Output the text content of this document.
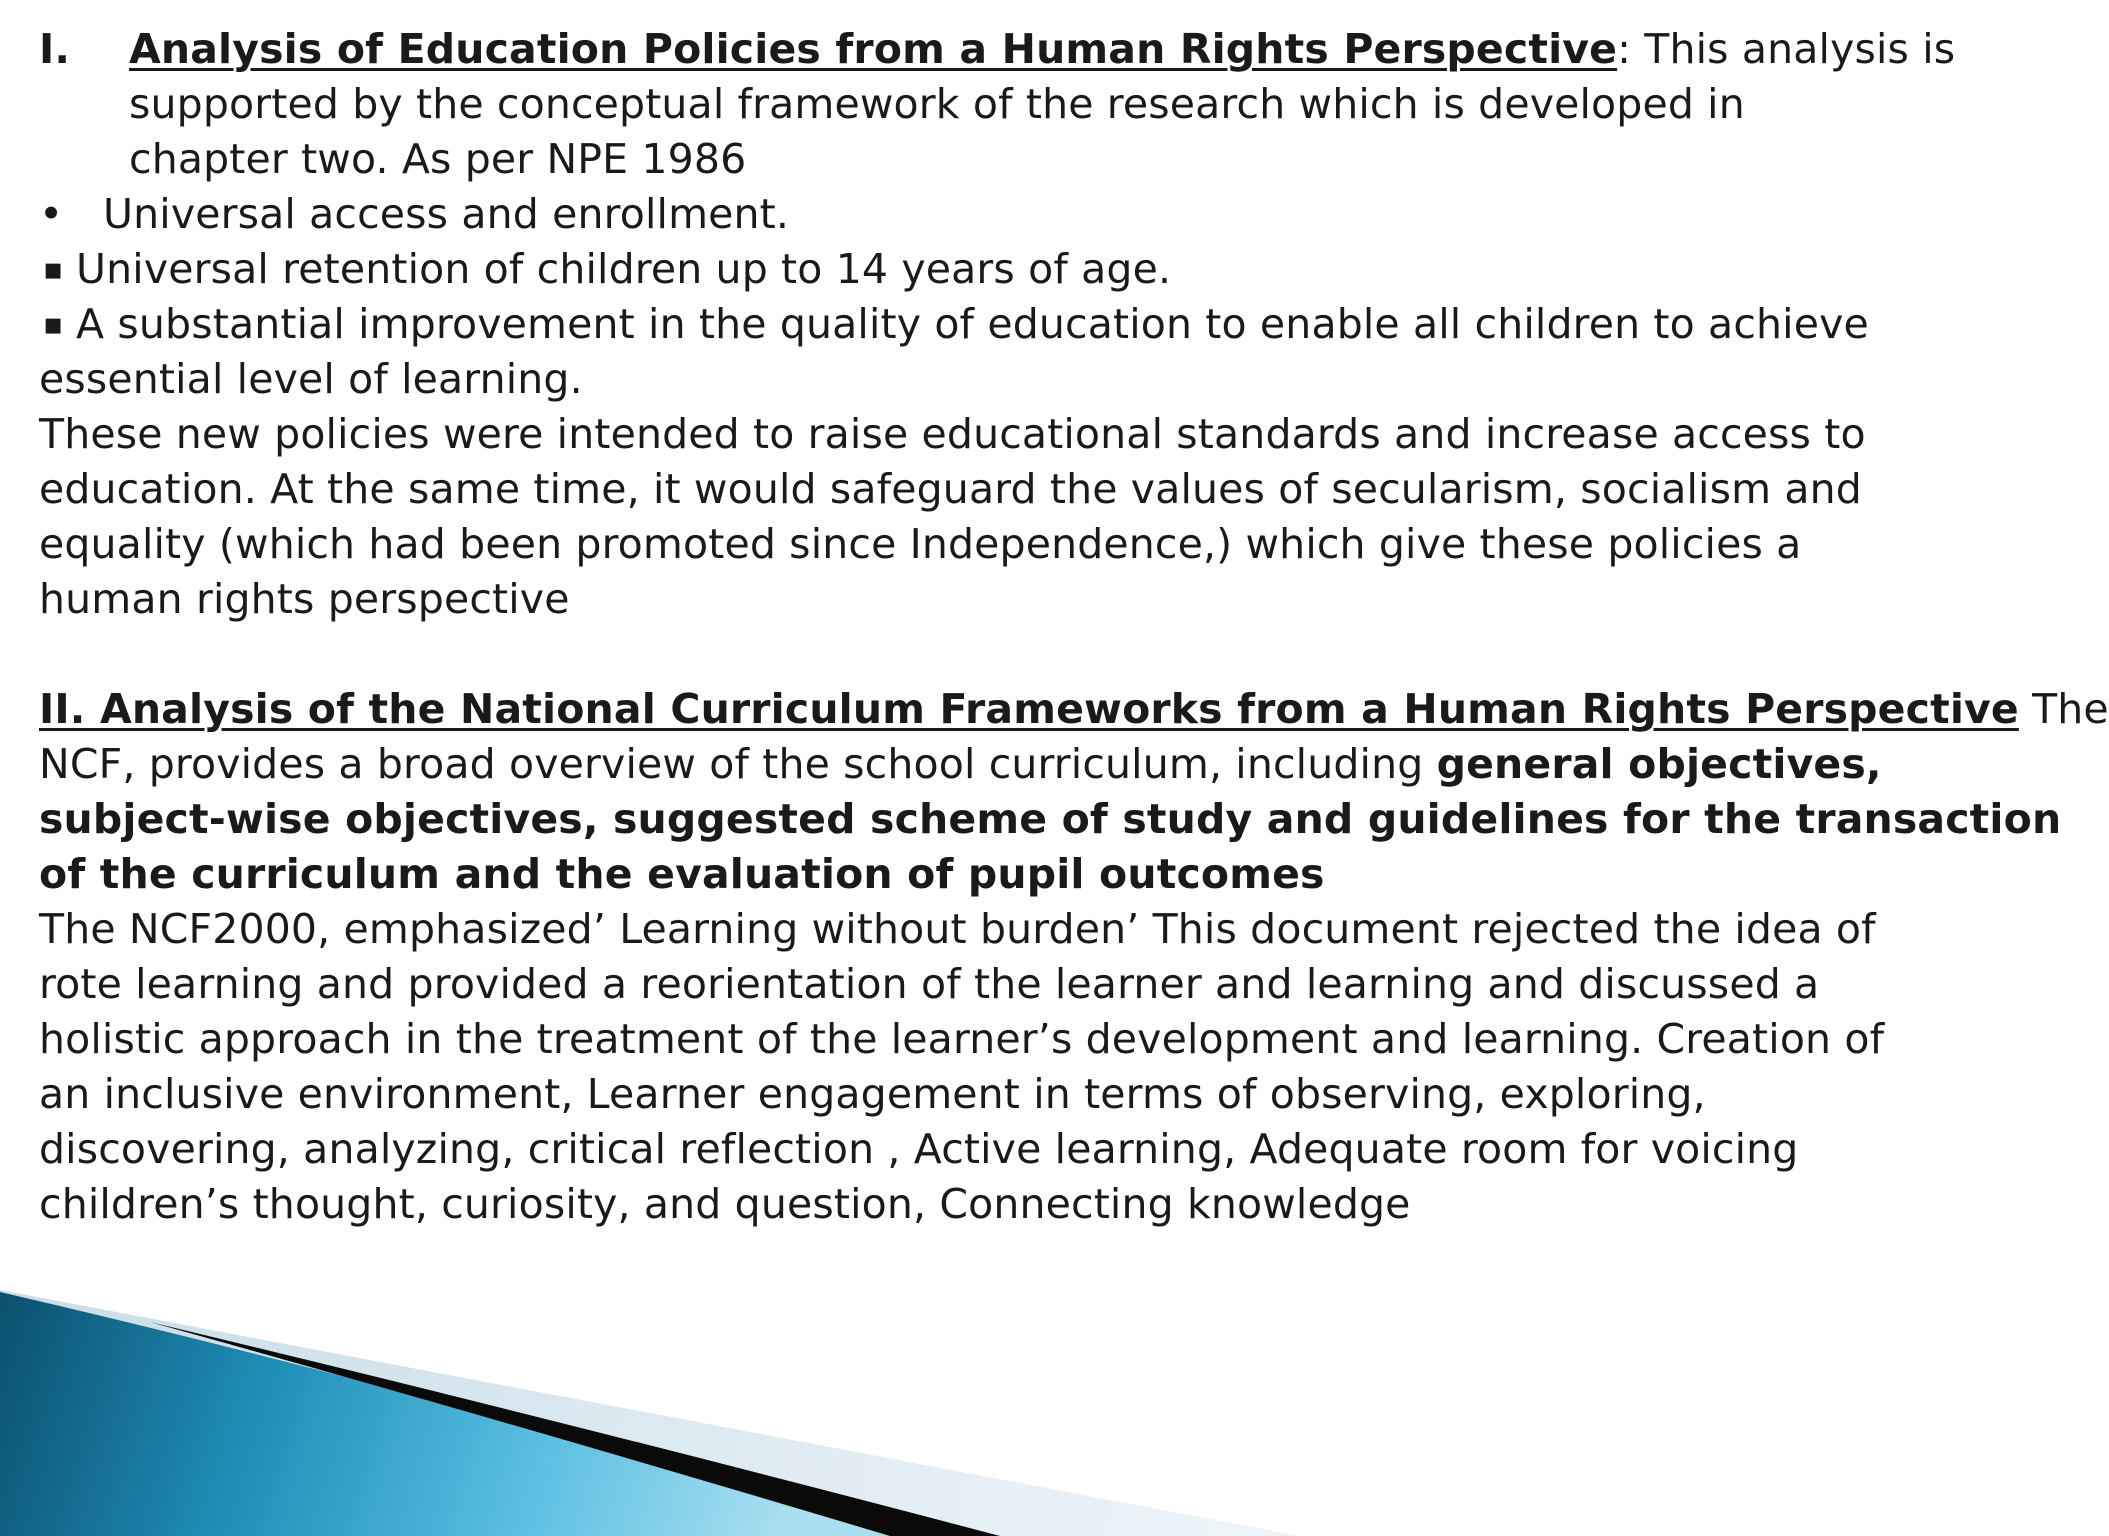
I. Analysis of Education Policies from a Human Rights Perspective: This analysis is
supported by the conceptual framework of the research which is developed in
chapter two. As per NPE 1986
• Universal access and enrollment.
▪ Universal retention of children up to 14 years of age.
▪ A substantial improvement in the quality of education to enable all children to achieve
essential level of learning.
These new policies were intended to raise educational standards and increase access to
education. At the same time, it would safeguard the values of secularism, socialism and
equality (which had been promoted since Independence,) which give these policies a
human rights perspective
II. Analysis of the National Curriculum Frameworks from a Human Rights Perspective The
NCF, provides a broad overview of the school curriculum, including general objectives,
subject-wise objectives, suggested scheme of study and guidelines for the transaction
of the curriculum and the evaluation of pupil outcomes
The NCF2000, emphasized’ Learning without burden’ This document rejected the idea of
rote learning and provided a reorientation of the learner and learning and discussed a
holistic approach in the treatment of the learner’s development and learning. Creation of
an inclusive environment, Learner engagement in terms of observing, exploring,
discovering, analyzing, critical reflection , Active learning, Adequate room for voicing
children’s thought, curiosity, and question, Connecting knowledge
